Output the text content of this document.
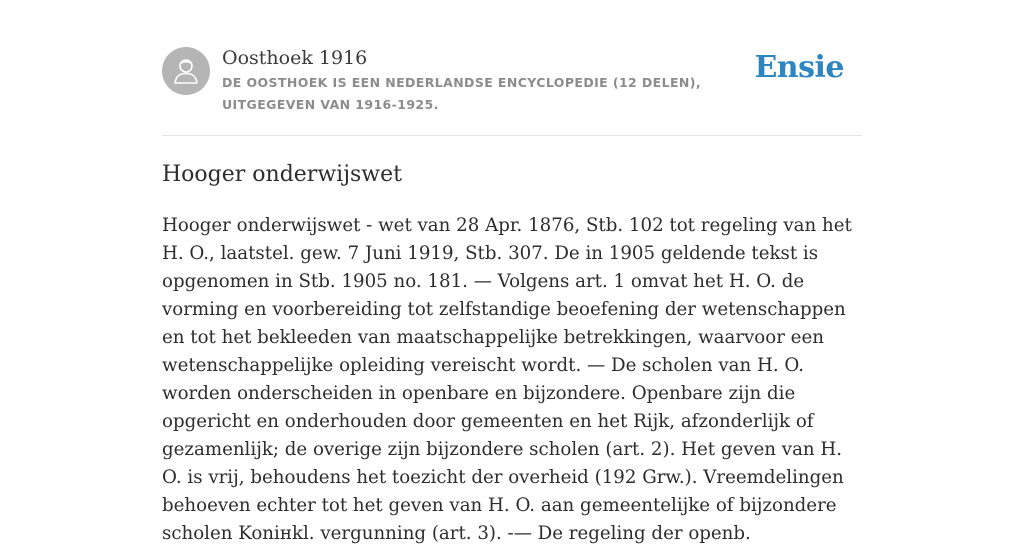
Oosthoek 1916
DE OOSTHOEK IS EEN NEDERLANDSE ENCYCLOPEDIE (12 DELEN), UITGEGEVEN VAN 1916-1925.
Ensie
Hooger onderwijswet

Hooger onderwijswet - wet van 28 Apr. 1876, Stb. 102 tot regeling van het H. O., laatstel. gew. 7 Juni 1919, Stb. 307. De in 1905 geldende tekst is opgenomen in Stb. 1905 no. 181. — Volgens art. 1 omvat het H. O. de vorming en voorbereiding tot zelfstandige beoefening der wetenschappen en tot het bekleeden van maatschappelijke betrekkingen, waarvoor een wetenschappelijke opleiding vereischt wordt. — De scholen van H. O. worden onderscheiden in openbare en bijzondere. Openbare zijn die opgericht en onderhouden door gemeenten en het Rijk, afzonderlijk of gezamenlijk; de overige zijn bijzondere scholen (art. 2). Het geven van H. O. is vrij, behoudens het toezicht der overheid (192 Grw.). Vreemdelingen behoeven echter tot het geven van H. O. aan gemeentelijke of bijzondere scholen Konінkl. vergunning (art. 3). -— De regeling der openb.
